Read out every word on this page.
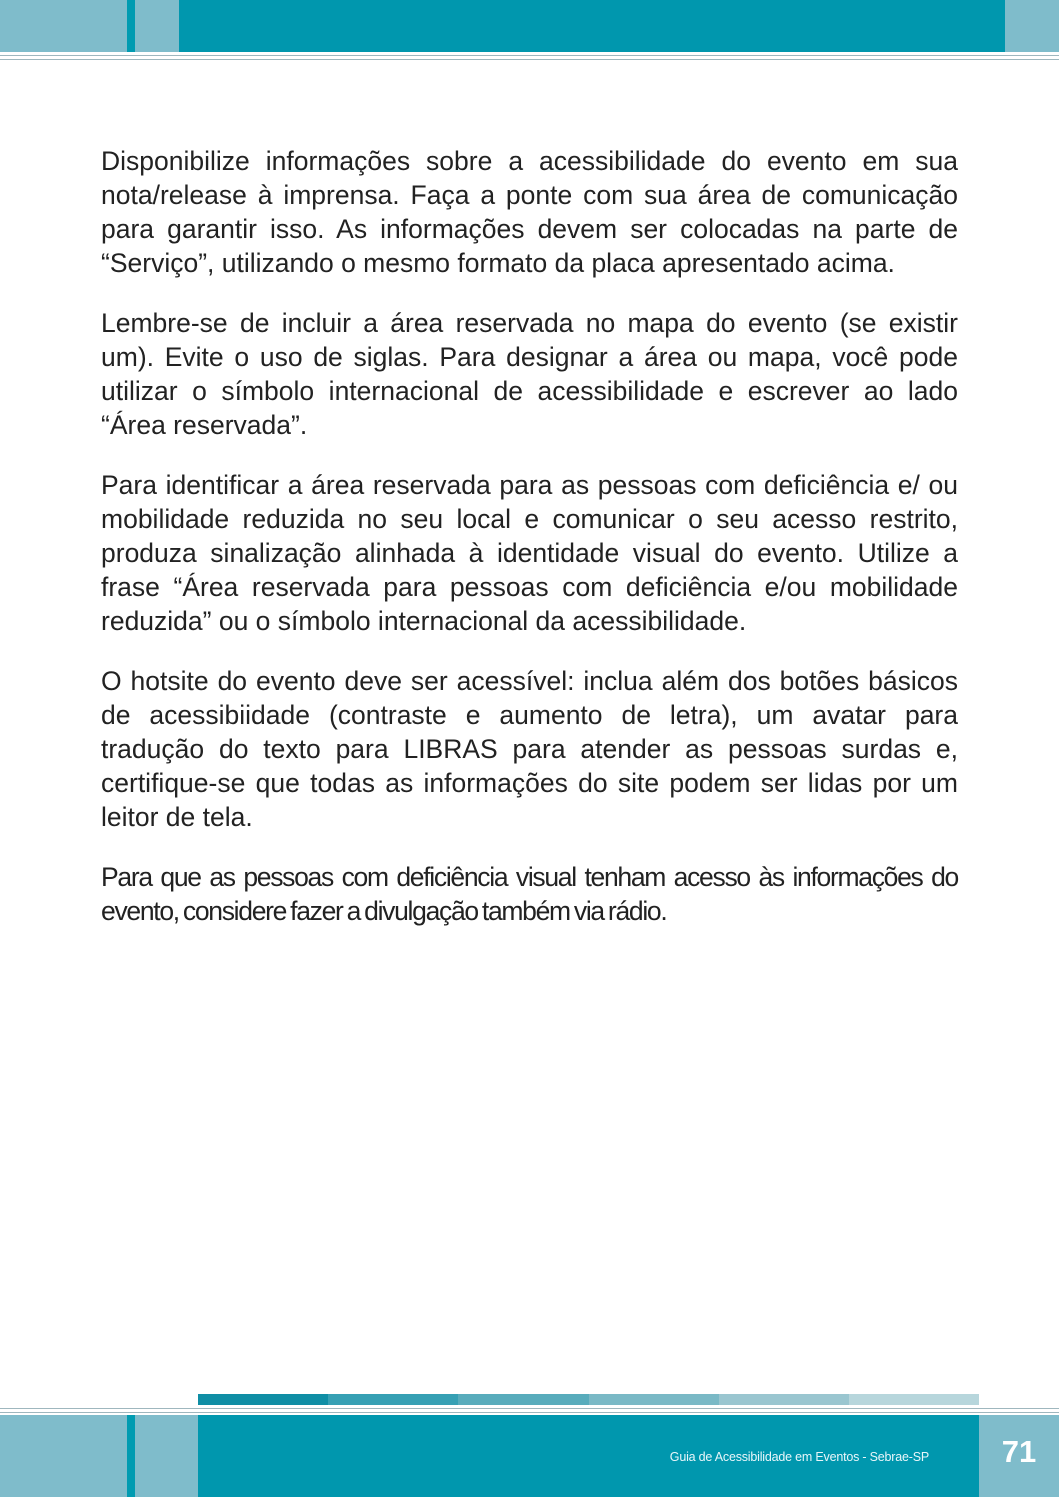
Disponibilize informações sobre a acessibilidade do evento em sua nota/release à imprensa. Faça a ponte com sua área de comunicação para garantir isso. As informações devem ser colocadas na parte de “Serviço”, utilizando o mesmo formato da placa apresentado acima.

Lembre-se de incluir a área reservada no mapa do evento (se existir um). Evite o uso de siglas. Para designar a área ou mapa, você pode utilizar o símbolo internacional de acessibilidade e escrever ao lado “Área reservada”.

Para identificar a área reservada para as pessoas com deficiência e/ ou mobilidade reduzida no seu local e comunicar o seu acesso restrito, produza sinalização alinhada à identidade visual do evento. Utilize a frase “Área reservada para pessoas com deficiência e/ou mobilidade reduzida” ou o símbolo internacional da acessibilidade.

O hotsite do evento deve ser acessível: inclua além dos botões básicos de acessibiidade (contraste e aumento de letra), um avatar para tradução do texto para LIBRAS para atender as pessoas surdas e, certifique-se que todas as informações do site podem ser lidas por um leitor de tela.

Para que as pessoas com deficiência visual tenham acesso às informações do evento, considere fazer a divulgação também via rádio.

Guia de Acessibilidade em Eventos - Sebrae-SP	71
